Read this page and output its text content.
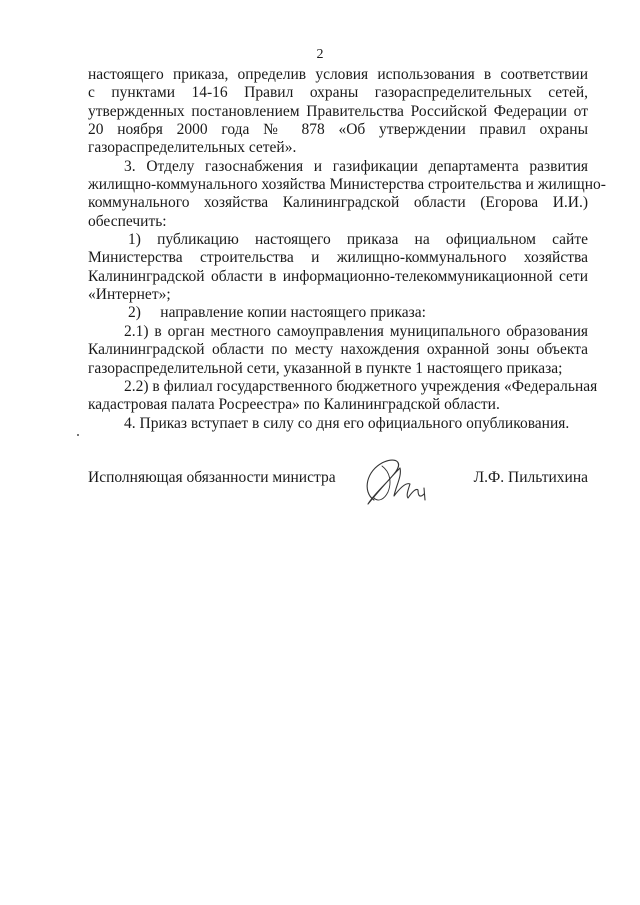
2
настоящего приказа, определив условия использования в соответствии
с пунктами 14-16 Правил охраны газораспределительных сетей,
утвержденных постановлением Правительства Российской Федерации от
20 ноября 2000 года № 878 «Об утверждении правил охраны
газораспределительных сетей».
3. Отделу газоснабжения и газификации департамента развития
жилищно-коммунального хозяйства Министерства строительства и жилищно-
коммунального хозяйства Калининградской области (Егорова И.И.)
обеспечить:
1) публикацию настоящего приказа на официальном сайте
Министерства строительства и жилищно-коммунального хозяйства
Калининградской области в информационно-телекоммуникационной сети
«Интернет»;
2)     направление копии настоящего приказа:
2.1) в орган местного самоуправления муниципального образования
Калининградской области по месту нахождения охранной зоны объекта
газораспределительной сети, указанной в пункте 1 настоящего приказа;
2.2) в филиал государственного бюджетного учреждения «Федеральная
кадастровая палата Росреестра» по Калининградской области.
4. Приказ вступает в силу со дня его официального опубликования.
Исполняющая обязанности министра	Л.Ф. Пильтихина
